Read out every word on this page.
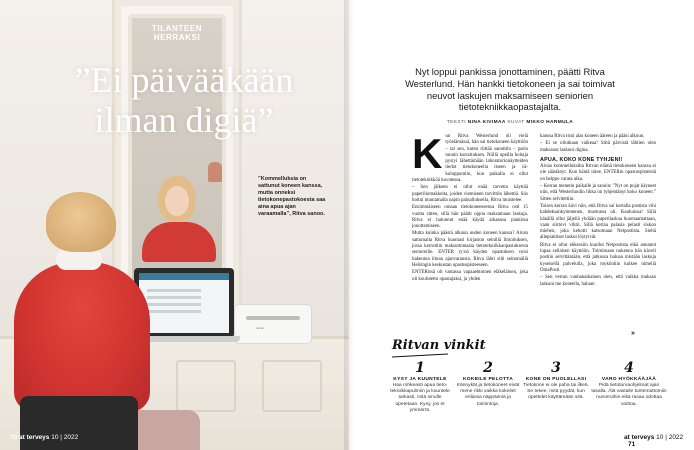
canon
TILANTEEN HERRAKSI
”Ei päivääkään ilman digiä”
”Kommelluksia on sattunut koneen kanssa, mutta onneksi tietokonepastokoesta saa aina apua ajan varaamalla”, Ritva sanoo.
70 at terveys 10 | 2022
Nyt loppui pankissa jonottaminen, päätti Ritva Westerlund. Hän hankki tietokoneen ja sai toimivat neuvot laskujen maksamiseen seniorien tietotekniikkaopastajalta.
TEKSTI NINA KIVIMAA KUVAT MIKKO HARMULA
K un Ritva Westerlund oli vielä työelämässä, hän sai tietokoneen käyttöön – tai sen, kuten riittää sanottiin – parin tunnin kurssituksen. Niillä opeilla hoitaja pystyi lähettämään laboratorionäytteiden tiedot tietokoneella itseen ja väkoloppumiin, kun paikalla ei ollut tietoteknikköä kuvatessa.

– Sen jälkeen ei ollut enää tarvetta käyttää paperiliomakkeita, joiden viemiseen tarvittiin lähettiä. Siis hoitui muutamalla napin painalluksella, Ritva muistelee.

Ensimmäiseen omaan tietokoneeseensa Ritva osti 15 vuotta sitten, sillä hän päätti oppia maksamaan laskuja. Ritva ei halunnut enää käydä aikaansa pankissa jonottamiseen.

Mutta kuinka päästä alkuun uuden koneen kanssa? Aivan sattumalta Ritva huomasi kirjaston seinillä ilmoituksen, jossa kerrottiin maksuttomasta tietotekniikkaopastuksesta senioreille. ENTER ry:nä käyden opastuksen voisi hakeutua ilman ajanvarausta. Ritva lähti silti seinomällä Helsingin keskustan opastuspisteeseen.

ENTERissä oli vastassa vapaaehtoinen eläkeläinen, joka oli koulutettu opastajaksi, ja yhden

kanssa Ritva istui alas koneen ääreen ja pääsi alkuun.

– Ei se ollutkaan vaikeaa! Siitä päivistä lähtien olen maksanut laskuni digina.

APUA, KOKO KONE TYHJENI!

Aivan kommelluksilta Ritvan elämä tietokoneen kanssa ei ole säästänyt. Kun häntä tulee, ENTERin opastuspisteistä on helppo varata aika.

– Kerran menetin paikalle ja sanoin: ”Nyt on pojat käyneet niin, että Westerlundin likka on tyhjentänyt koko koneen.” Sitten selvitettiin.

Toisen kerran kävi niin, että Ritva sai kertalla postista vihi kahdeksankymmenen, mustunsa oli. Kauhuissa! Sillä hänällä ollut jäljellä yhdään paperilaskua huomaamattaan, vaan siirtovi vihtii. Sillä kertaa palasia pelasti siskon miehen, joka kehotti katsomaan Netpostista. Sieltä allepraktiset laskut löytyivät.

Ritva ei ollut ehkessiin kuullut Netpostista eikä annanut lupaa sellaisen käyttöön. Toimimaan nukenna hän käveli postiin selvittämään, että jatkossa haluaa mistään laskuja kyseisellä palvelulla, joka myköntiin kulkee nimellä OmaPosti.

– Sen verran vanhanaikainen olen, että vaikka maksan laskuni tne koneella, haluan

»
Ritvan vinkit
1
KYSY JA KUUNTELE
Haa rohkeasti apua tietotekniikkapulmiin ja kuuntele tarkasti, mitä sinulle opetetaan. Kysy, jos et ymmärrä.
2
KOKEILE PELOTTA
Kännykät ja tietokoneet eivät mene rikki vaikka kokeilet erilaisia näppäimiä ja toimintoja.
3
KONE ON PUOLELLASI
Tietokone ei ole paha tai ilkeä. Se tekee, mitä pyydät, kun opettelet käyttämään sitä.
4
VARO HYÖKKÄÄJÄÄ
Pidä tietoturvaohjelmat ajan tasalla. Älä vastaile tuntemattomiin numeroihin eikä rasaa odottaa soittoa.
at terveys 10 | 2022 71
